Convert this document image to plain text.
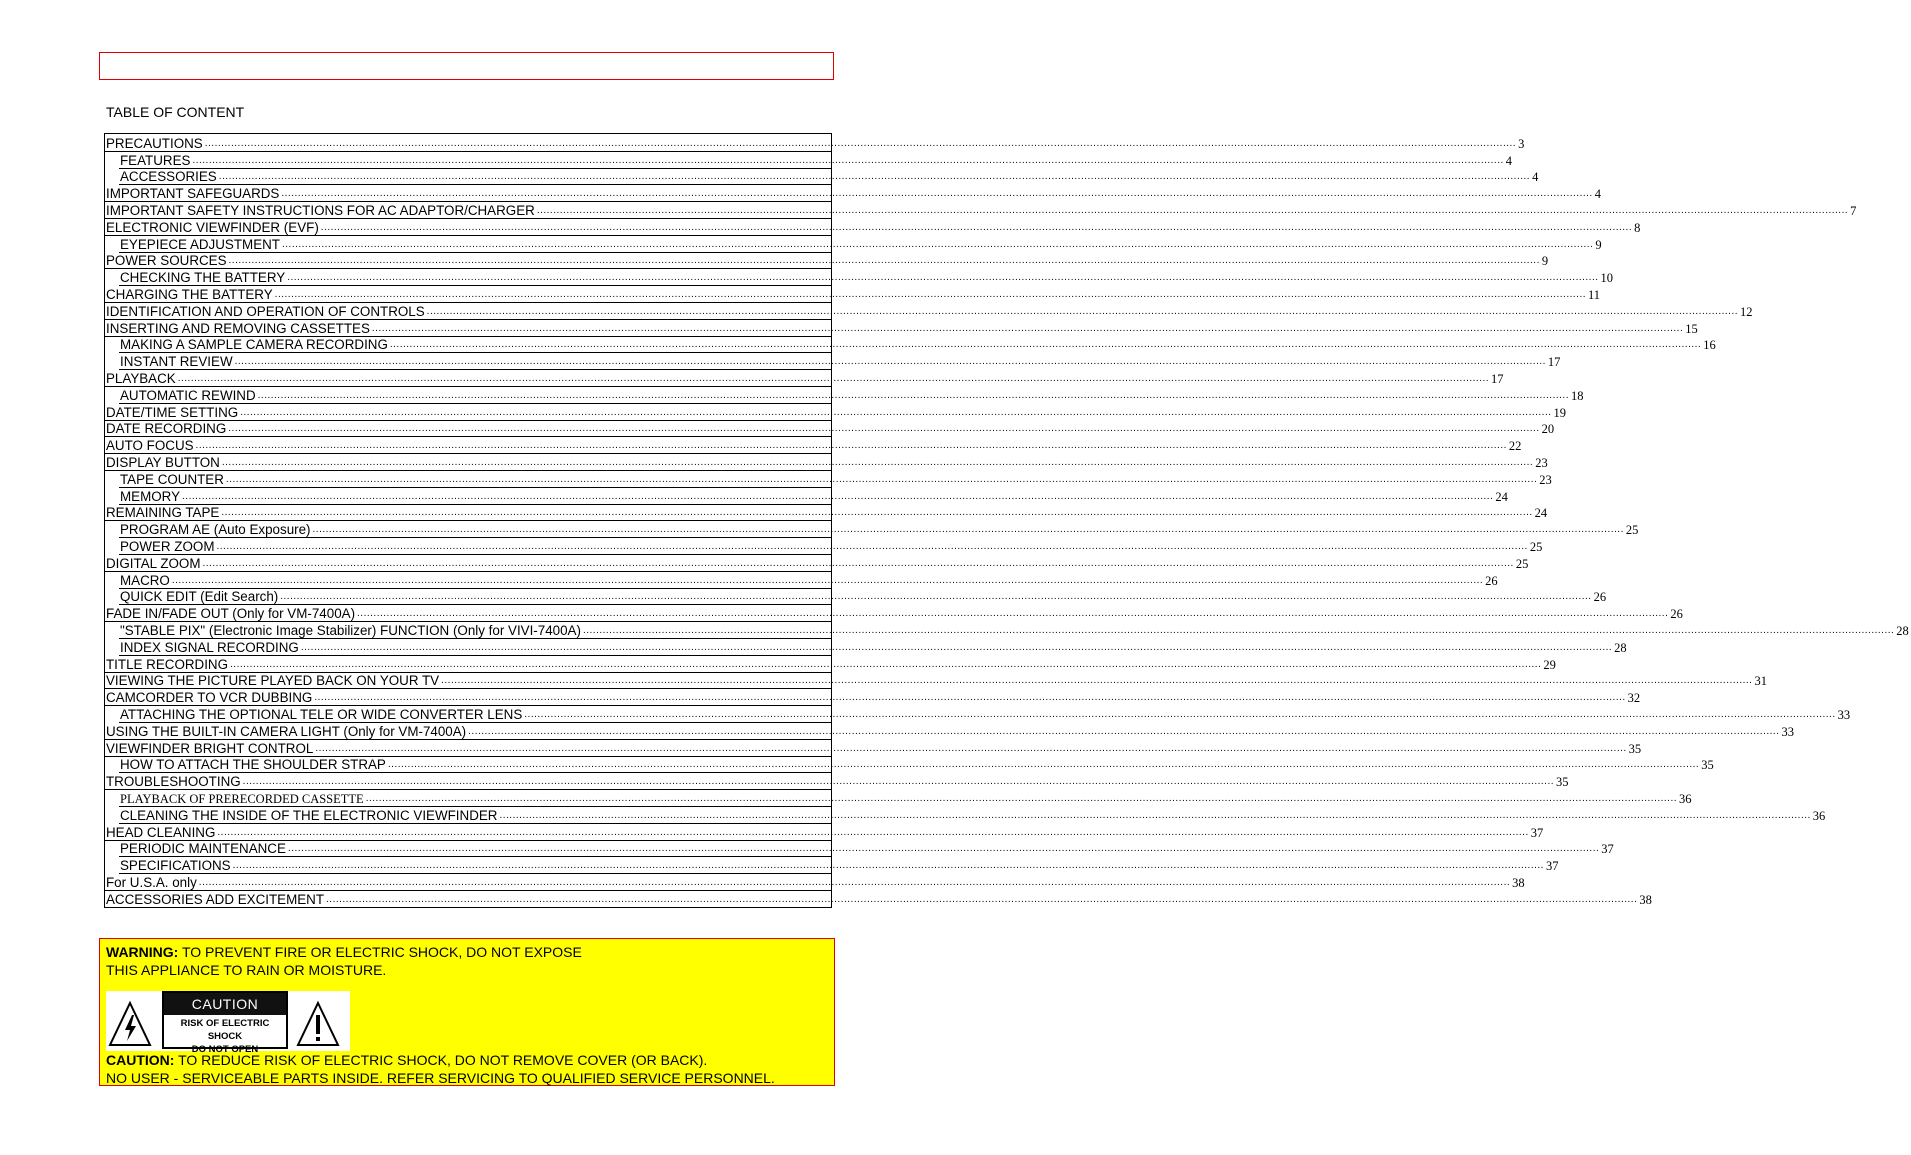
TABLE OF CONTENT
PRECAUTIONS ................................................................................................................................................................................................................................................................................................................................................................................................................ 3
FEATURES ................................................................................................................................................................................................................................................................................................................................................................................................................ 4
ACCESSORIES ................................................................................................................................................................................................................................................................................................................................................................................................................ 4
IMPORTANT SAFEGUARDS ................................................................................................................................................................................................................................................................................................................................................................................................................ 4
IMPORTANT SAFETY INSTRUCTIONS FOR AC ADAPTOR/CHARGER ................................................................................................................................................................................................................................................................................................................................................................................................................ 7
ELECTRONIC VIEWFINDER (EVF) ................................................................................................................................................................................................................................................................................................................................................................................................................ 8
EYEPIECE ADJUSTMENT ................................................................................................................................................................................................................................................................................................................................................................................................................ 9
POWER SOURCES ................................................................................................................................................................................................................................................................................................................................................................................................................ 9
CHECKING THE BATTERY ................................................................................................................................................................................................................................................................................................................................................................................................................ 10
CHARGING THE BATTERY ................................................................................................................................................................................................................................................................................................................................................................................................................ 11
IDENTIFICATION AND OPERATION OF CONTROLS ................................................................................................................................................................................................................................................................................................................................................................................................................ 12
INSERTING AND REMOVING CASSETTES ................................................................................................................................................................................................................................................................................................................................................................................................................ 15
MAKING A SAMPLE CAMERA RECORDING ................................................................................................................................................................................................................................................................................................................................................................................................................ 16
INSTANT REVIEW ................................................................................................................................................................................................................................................................................................................................................................................................................ 17
PLAYBACK ................................................................................................................................................................................................................................................................................................................................................................................................................ 17
AUTOMATIC REWIND ................................................................................................................................................................................................................................................................................................................................................................................................................ 18
DATE/TIME SETTING ................................................................................................................................................................................................................................................................................................................................................................................................................ 19
DATE RECORDING ................................................................................................................................................................................................................................................................................................................................................................................................................ 20
AUTO FOCUS ................................................................................................................................................................................................................................................................................................................................................................................................................ 22
DISPLAY BUTTON ................................................................................................................................................................................................................................................................................................................................................................................................................ 23
TAPE COUNTER ................................................................................................................................................................................................................................................................................................................................................................................................................ 23
MEMORY ................................................................................................................................................................................................................................................................................................................................................................................................................ 24
REMAINING TAPE ................................................................................................................................................................................................................................................................................................................................................................................................................ 24
PROGRAM AE (Auto Exposure) ................................................................................................................................................................................................................................................................................................................................................................................................................ 25
POWER ZOOM ................................................................................................................................................................................................................................................................................................................................................................................................................ 25
DIGITAL ZOOM ................................................................................................................................................................................................................................................................................................................................................................................................................ 25
MACRO ................................................................................................................................................................................................................................................................................................................................................................................................................ 26
QUICK EDIT (Edit Search) ................................................................................................................................................................................................................................................................................................................................................................................................................ 26
FADE IN/FADE OUT (Only for VM-7400A) ................................................................................................................................................................................................................................................................................................................................................................................................................ 26
"STABLE PIX" (Electronic Image Stabilizer) FUNCTION (Only for VIVI-7400A) ................................................................................................................................................................................................................................................................................................................................................................................................................ 28
INDEX SIGNAL RECORDING ................................................................................................................................................................................................................................................................................................................................................................................................................ 28
TITLE RECORDING ................................................................................................................................................................................................................................................................................................................................................................................................................ 29
VIEWING THE PICTURE PLAYED BACK ON YOUR TV ................................................................................................................................................................................................................................................................................................................................................................................................................ 31
CAMCORDER TO VCR DUBBING ................................................................................................................................................................................................................................................................................................................................................................................................................ 32
ATTACHING THE OPTIONAL TELE OR WIDE CONVERTER LENS ................................................................................................................................................................................................................................................................................................................................................................................................................ 33
USING THE BUILT-IN CAMERA LIGHT (Only for VM-7400A) ................................................................................................................................................................................................................................................................................................................................................................................................................ 33
VIEWFINDER BRIGHT CONTROL ................................................................................................................................................................................................................................................................................................................................................................................................................ 35
HOW TO ATTACH THE SHOULDER STRAP ................................................................................................................................................................................................................................................................................................................................................................................................................ 35
TROUBLESHOOTING ................................................................................................................................................................................................................................................................................................................................................................................................................ 35
PLAYBACK OF PRERECORDED CASSETTE ................................................................................................................................................................................................................................................................................................................................................................................................................ 36
CLEANING THE INSIDE OF THE ELECTRONIC VIEWFINDER ................................................................................................................................................................................................................................................................................................................................................................................................................ 36
HEAD CLEANING ................................................................................................................................................................................................................................................................................................................................................................................................................ 37
PERIODIC MAINTENANCE ................................................................................................................................................................................................................................................................................................................................................................................................................ 37
SPECIFICATIONS ................................................................................................................................................................................................................................................................................................................................................................................................................ 37
For U.S.A. only ................................................................................................................................................................................................................................................................................................................................................................................................................ 38
ACCESSORIES ADD EXCITEMENT ................................................................................................................................................................................................................................................................................................................................................................................................................ 38
WARNING: TO PREVENT FIRE OR ELECTRIC SHOCK, DO NOT EXPOSE
THIS APPLIANCE TO RAIN OR MOISTURE.
CAUTION
RISK OF ELECTRIC SHOCK
DO NOT OPEN
CAUTION: TO REDUCE RISK OF ELECTRIC SHOCK, DO NOT REMOVE COVER (OR BACK).
NO USER - SERVICEABLE PARTS INSIDE. REFER SERVICING TO QUALIFIED SERVICE PERSONNEL.
